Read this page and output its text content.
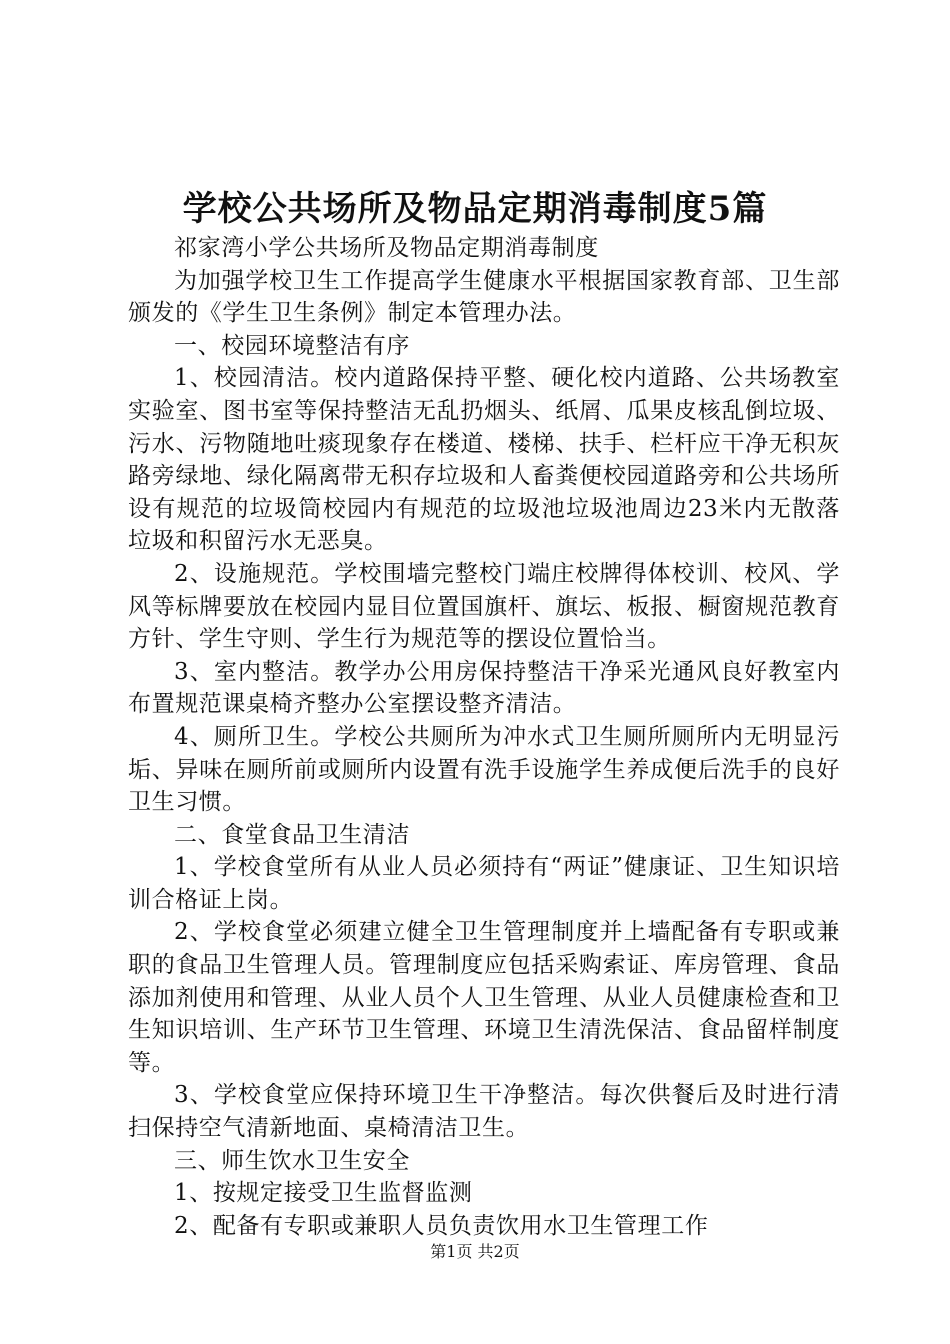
学校公共场所及物品定期消毒制度5篇

祁家湾小学公共场所及物品定期消毒制度

为加强学校卫生工作提高学生健康水平根据国家教育部、卫生部颁发的《学生卫生条例》制定本管理办法。

一、校园环境整洁有序

1、校园清洁。校内道路保持平整、硬化校内道路、公共场教室实验室、图书室等保持整洁无乱扔烟头、纸屑、瓜果皮核乱倒垃圾、污水、污物随地吐痰现象存在楼道、楼梯、扶手、栏杆应干净无积灰路旁绿地、绿化隔离带无积存垃圾和人畜粪便校园道路旁和公共场所设有规范的垃圾筒校园内有规范的垃圾池垃圾池周边23米内无散落垃圾和积留污水无恶臭。

2、设施规范。学校围墙完整校门端庄校牌得体校训、校风、学风等标牌要放在校园内显目位置国旗杆、旗坛、板报、橱窗规范教育方针、学生守则、学生行为规范等的摆设位置恰当。

3、室内整洁。教学办公用房保持整洁干净采光通风良好教室内布置规范课桌椅齐整办公室摆设整齐清洁。

4、厕所卫生。学校公共厕所为冲水式卫生厕所厕所内无明显污垢、异味在厕所前或厕所内设置有洗手设施学生养成便后洗手的良好卫生习惯。

二、食堂食品卫生清洁

1、学校食堂所有从业人员必须持有“两证”健康证、卫生知识培训合格证上岗。

2、学校食堂必须建立健全卫生管理制度并上墙配备有专职或兼职的食品卫生管理人员。管理制度应包括采购索证、库房管理、食品添加剂使用和管理、从业人员个人卫生管理、从业人员健康检查和卫生知识培训、生产环节卫生管理、环境卫生清洗保洁、食品留样制度等。

3、学校食堂应保持环境卫生干净整洁。每次供餐后及时进行清扫保持空气清新地面、桌椅清洁卫生。

三、师生饮水卫生安全

1、按规定接受卫生监督监测

2、配备有专职或兼职人员负责饮用水卫生管理工作

第1页 共2页
